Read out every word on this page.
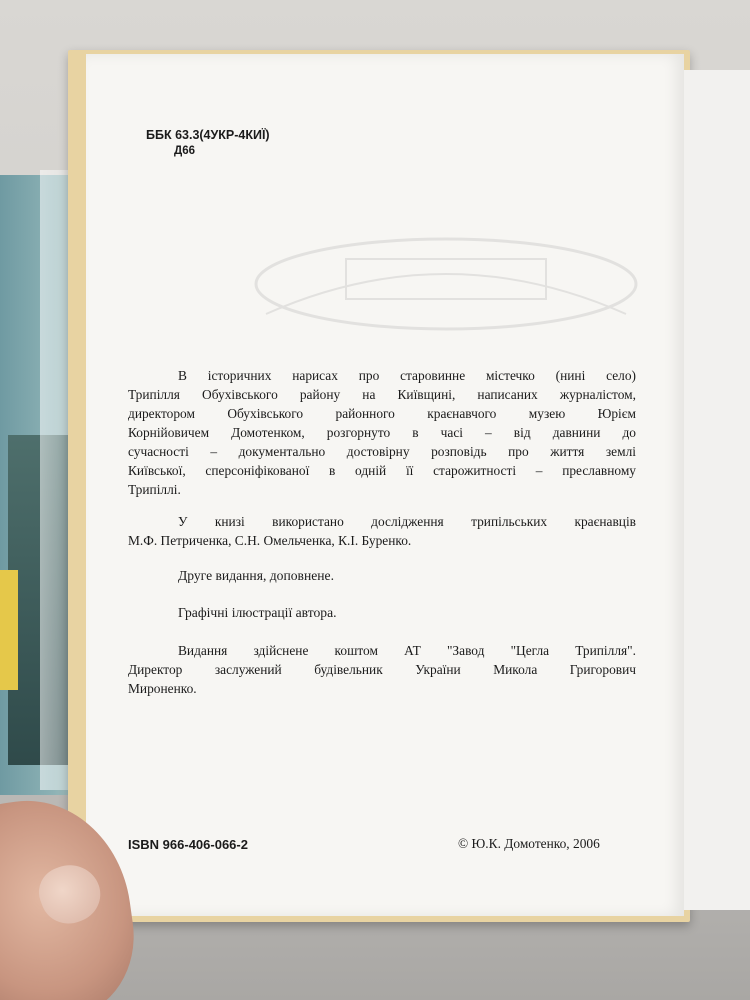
ББК 63.3(4УКР-4КИЇ)
Д66
В історичних нарисах про старовинне містечко (нині село)
Трипілля Обухівського району на Київщині, написаних журналістом,
директором Обухівського районного краєнавчого музею Юрієм
Корнійовичем Домотенком, розгорнуто в часі – від давнини до
сучасності – документально достовірну розповідь про життя землі
Київської, сперсоніфікованої в одній її старожитності – преславному
Трипіллі.
У книзі використано дослідження трипільських краєнавців
М.Ф. Петриченка, С.Н. Омельченка, К.І. Буренко.
Друге видання, доповнене.
Графічні ілюстрації автора.
Видання здійснене коштом АТ "Завод "Цегла Трипілля".
Директор заслужений будівельник України Микола Григорович
Мироненко.
ISBN 966-406-066-2	© Ю.К. Домотенко, 2006
